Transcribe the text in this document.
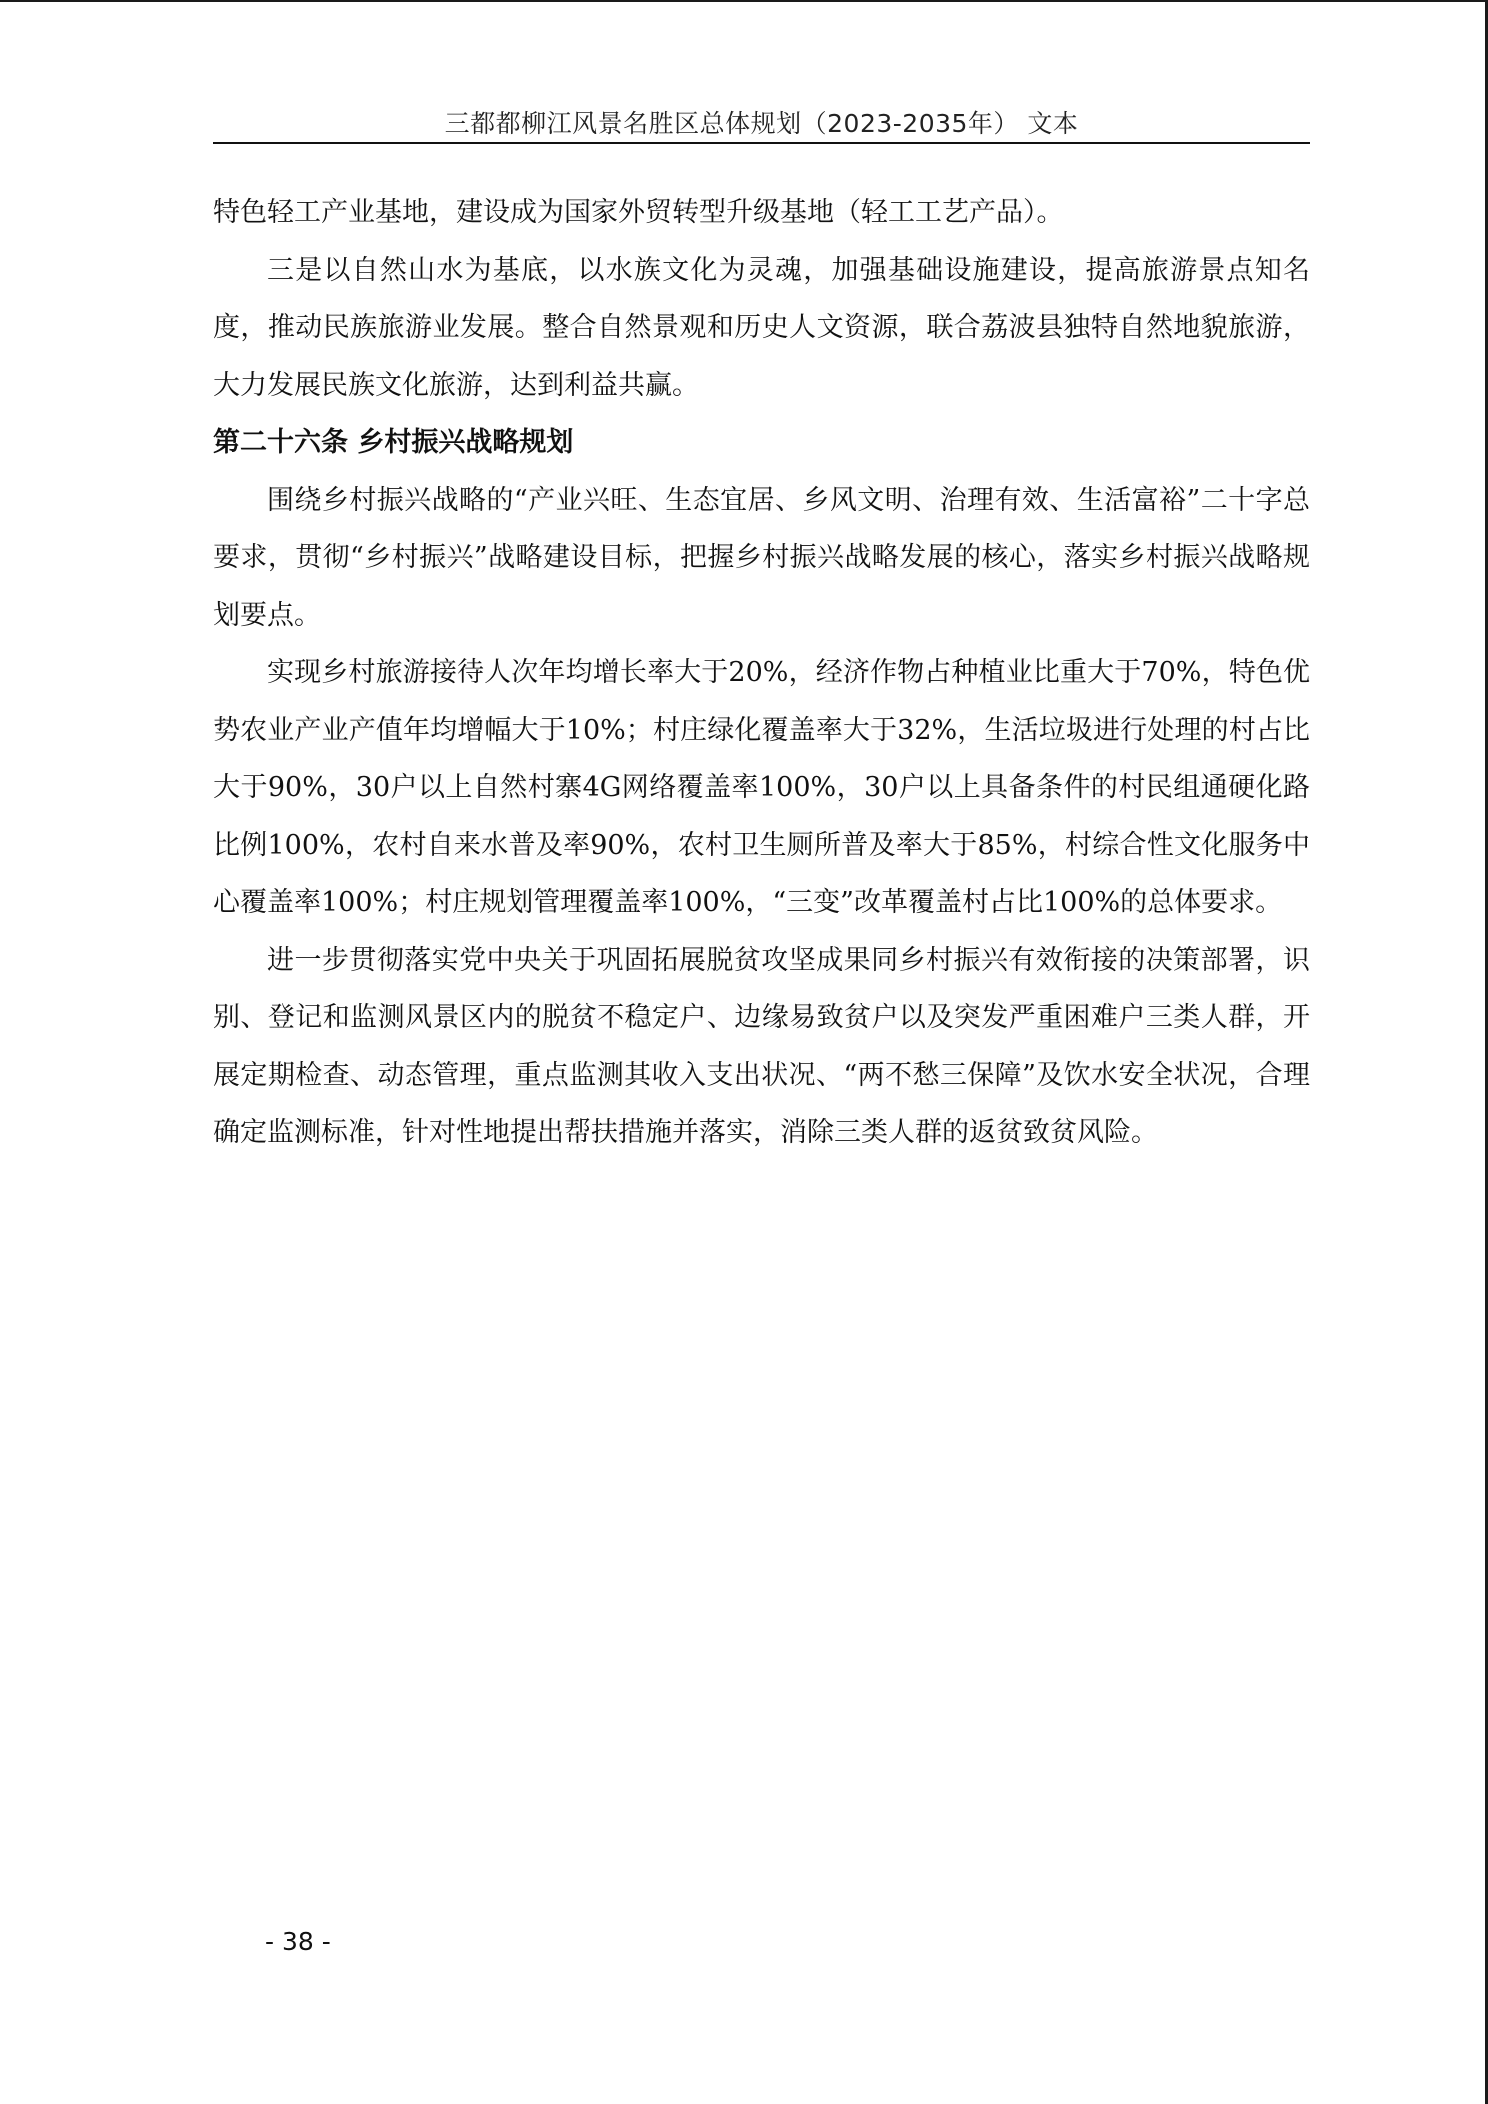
三都都柳江风景名胜区总体规划（2023-2035年） 文本

特色轻工产业基地，建设成为国家外贸转型升级基地（轻工工艺产品）。

三是以自然山水为基底，以水族文化为灵魂，加强基础设施建设，提高旅游景点知名度，推动民族旅游业发展。整合自然景观和历史人文资源，联合荔波县独特自然地貌旅游，大力发展民族文化旅游，达到利益共赢。

第二十六条 乡村振兴战略规划

围绕乡村振兴战略的“产业兴旺、生态宜居、乡风文明、治理有效、生活富裕”二十字总要求，贯彻“乡村振兴”战略建设目标，把握乡村振兴战略发展的核心，落实乡村振兴战略规划要点。

实现乡村旅游接待人次年均增长率大于20%，经济作物占种植业比重大于70%，特色优势农业产业产值年均增幅大于10%；村庄绿化覆盖率大于32%，生活垃圾进行处理的村占比大于90%，30户以上自然村寨4G网络覆盖率100%，30户以上具备条件的村民组通硬化路比例100%，农村自来水普及率90%，农村卫生厕所普及率大于85%，村综合性文化服务中心覆盖率100%；村庄规划管理覆盖率100%，“三变”改革覆盖村占比100%的总体要求。

进一步贯彻落实党中央关于巩固拓展脱贫攻坚成果同乡村振兴有效衔接的决策部署，识别、登记和监测风景区内的脱贫不稳定户、边缘易致贫户以及突发严重困难户三类人群，开展定期检查、动态管理，重点监测其收入支出状况、“两不愁三保障”及饮水安全状况，合理确定监测标准，针对性地提出帮扶措施并落实，消除三类人群的返贫致贫风险。

- 38 -
